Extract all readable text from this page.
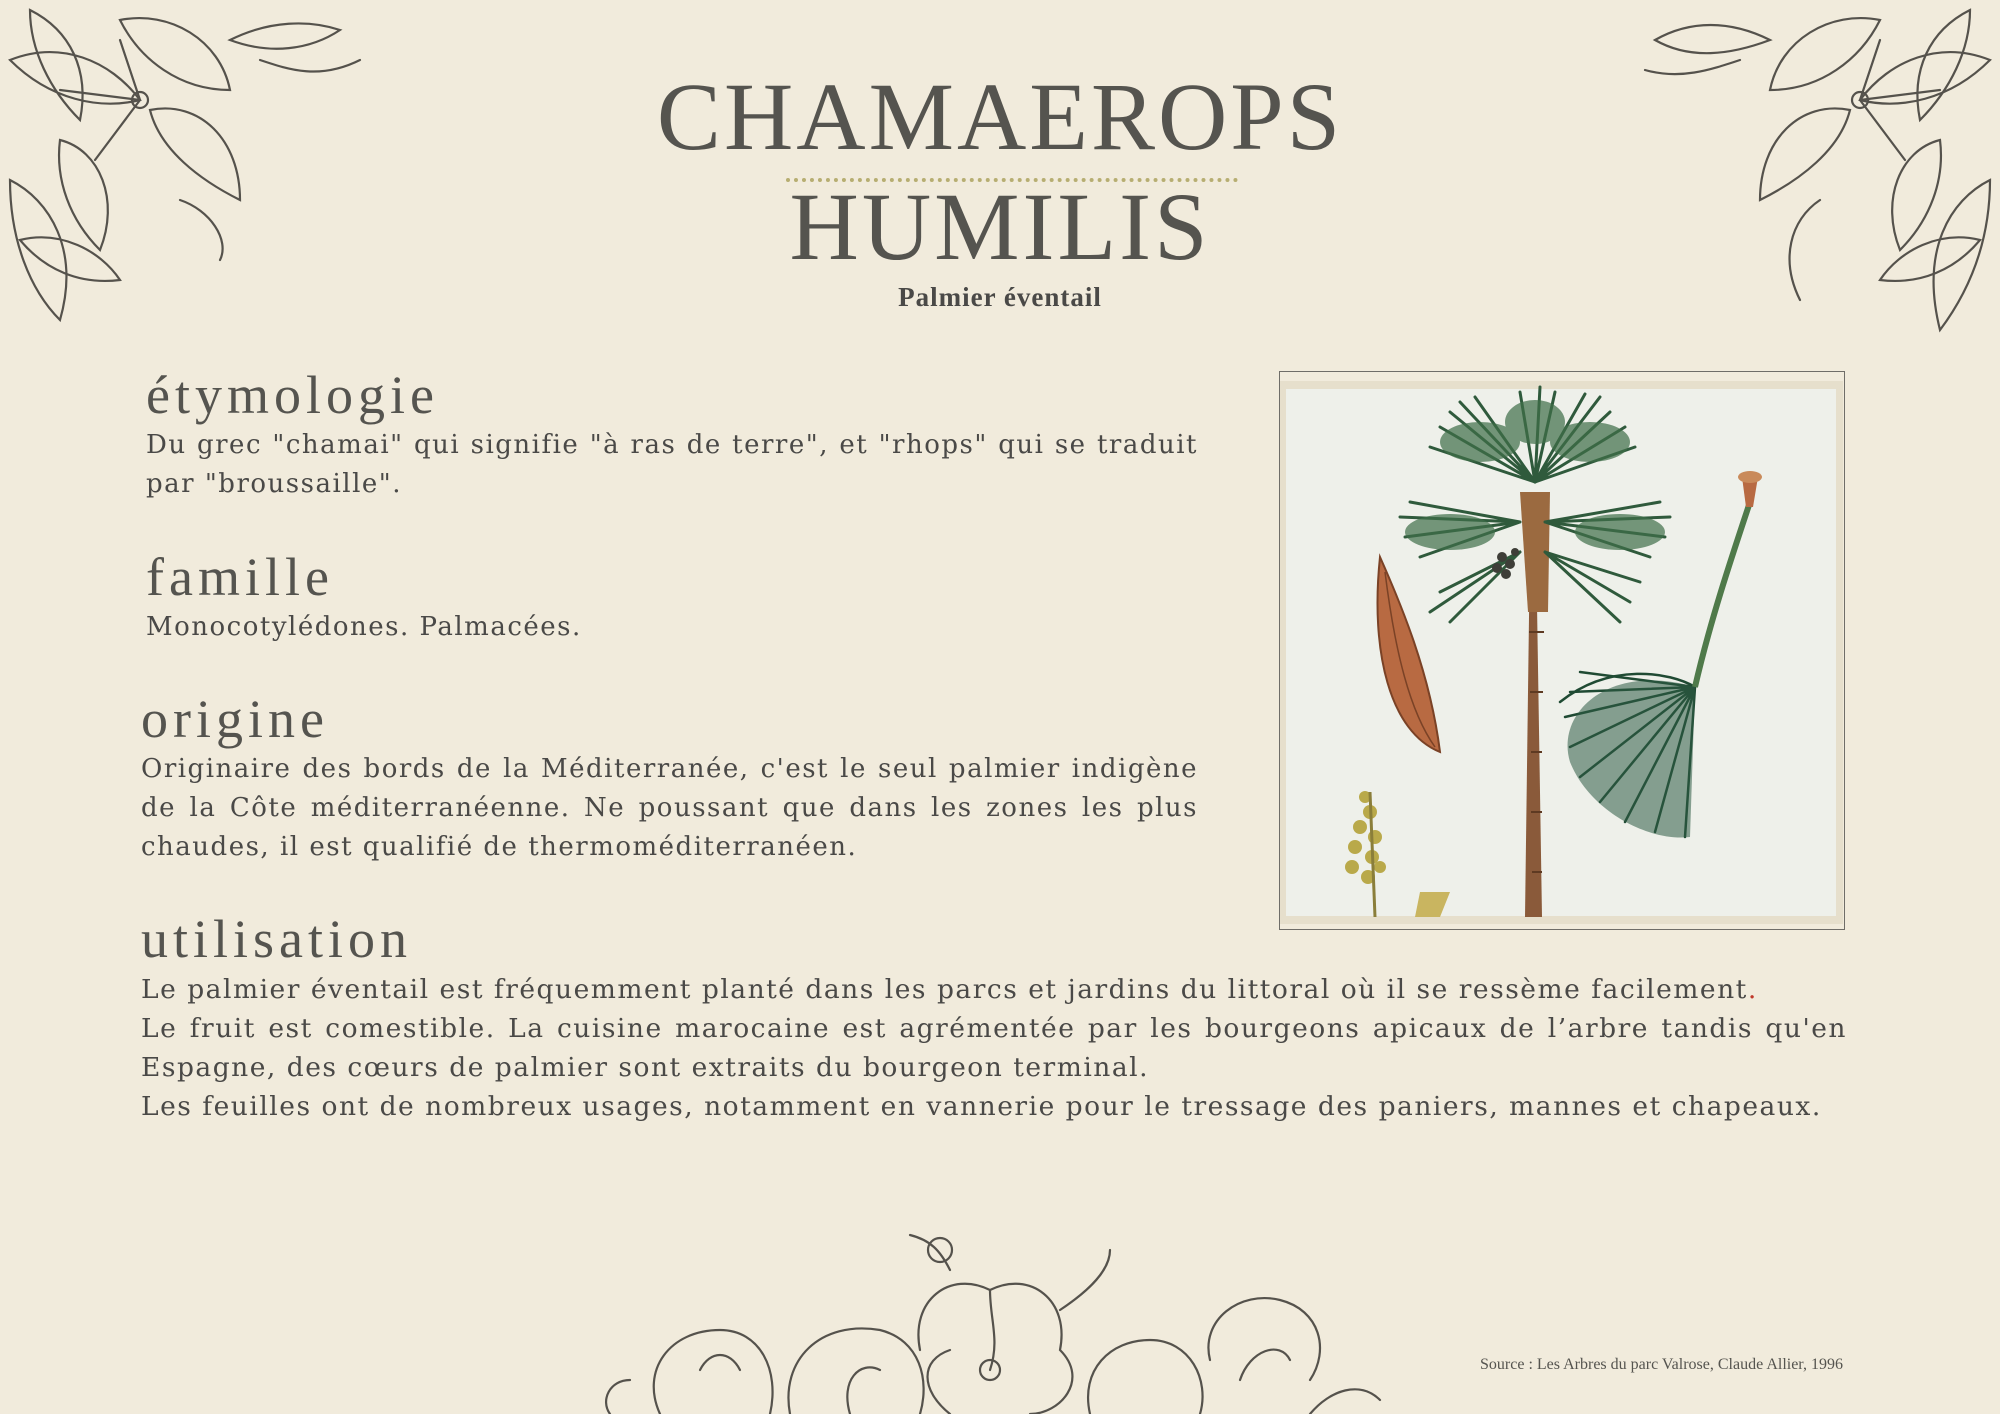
CHAMAEROPS
HUMILIS
Palmier éventail
étymologie
Du grec "chamai" qui signifie "à ras de terre", et "rhops" qui se traduit par "broussaille".
famille
Monocotylédones. Palmacées.
origine
Originaire des bords de la Méditerranée, c'est le seul palmier indigène de la Côte méditerranéenne. Ne poussant que dans les zones les plus chaudes, il est qualifié de thermoméditerranéen.
utilisation

Le palmier éventail est fréquemment planté dans les parcs et jardins du littoral où il se ressème facilement.

Le fruit est comestible. La cuisine marocaine est agrémentée par les bourgeons apicaux de l’arbre tandis qu'en Espagne, des cœurs de palmier sont extraits du bourgeon terminal.

Les feuilles ont de nombreux usages, notamment en vannerie pour le tressage des paniers, mannes et chapeaux.

Source : Les Arbres du parc Valrose, Claude Allier, 1996
